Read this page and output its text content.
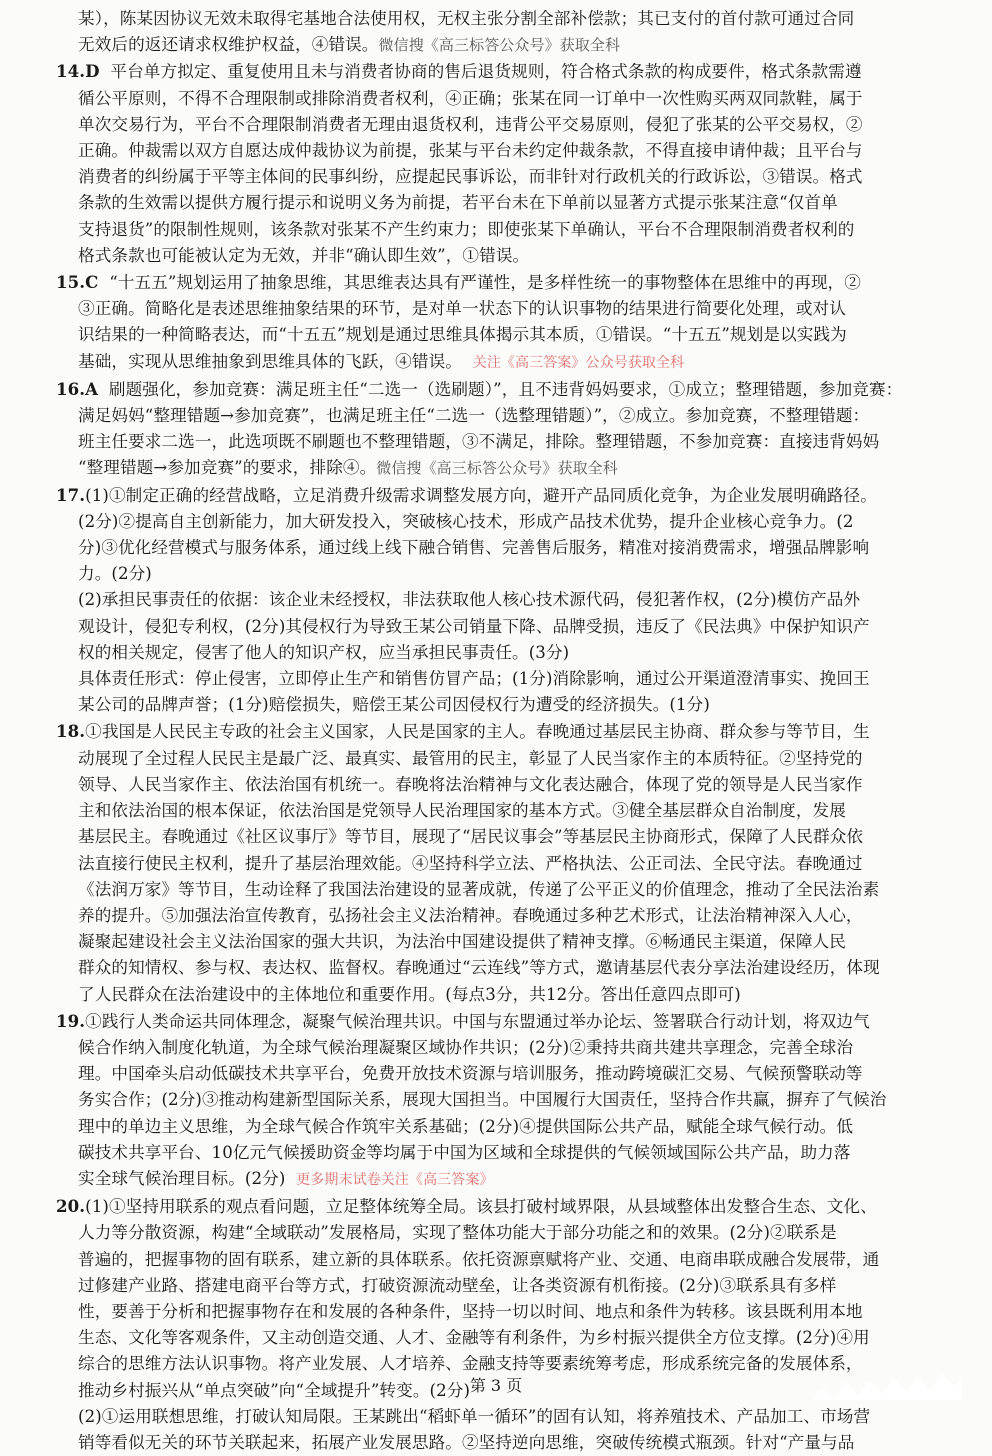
某），陈某因协议无效未取得宅基地合法使用权，无权主张分割全部补偿款；其已支付的首付款可通过合同
无效后的返还请求权维护权益，④错误。微信搜《高三标答公众号》获取全科
14.D 平台单方拟定、重复使用且未与消费者协商的售后退货规则，符合格式条款的构成要件，格式条款需遵
循公平原则，不得不合理限制或排除消费者权利，④正确；张某在同一订单中一次性购买两双同款鞋，属于
单次交易行为，平台不合理限制消费者无理由退货权利，违背公平交易原则，侵犯了张某的公平交易权，②
正确。仲裁需以双方自愿达成仲裁协议为前提，张某与平台未约定仲裁条款，不得直接申请仲裁；且平台与
消费者的纠纷属于平等主体间的民事纠纷，应提起民事诉讼，而非针对行政机关的行政诉讼，③错误。格式
条款的生效需以提供方履行提示和说明义务为前提，若平台未在下单前以显著方式提示张某注意“仅首单
支持退货”的限制性规则，该条款对张某不产生约束力；即使张某下单确认，平台不合理限制消费者权利的
格式条款也可能被认定为无效，并非“确认即生效”，①错误。
15.C “十五五”规划运用了抽象思维，其思维表达具有严谨性，是多样性统一的事物整体在思维中的再现，②
③正确。简略化是表述思维抽象结果的环节，是对单一状态下的认识事物的结果进行简要化处理，或对认
识结果的一种简略表达，而“十五五”规划是通过思维具体揭示其本质，①错误。“十五五”规划是以实践为
基础，实现从思维抽象到思维具体的飞跃，④错误。 关注《高三答案》公众号获取全科
16.A 刷题强化，参加竞赛：满足班主任“二选一（选刷题）”，且不违背妈妈要求，①成立；整理错题，参加竞赛：
满足妈妈“整理错题→参加竞赛”，也满足班主任“二选一（选整理错题）”，②成立。参加竞赛，不整理错题：
班主任要求二选一，此选项既不刷题也不整理错题，③不满足，排除。整理错题，不参加竞赛：直接违背妈妈
“整理错题→参加竞赛”的要求，排除④。微信搜《高三标答公众号》获取全科
17.(1)①制定正确的经营战略，立足消费升级需求调整发展方向，避开产品同质化竞争，为企业发展明确路径。
(2分)②提高自主创新能力，加大研发投入，突破核心技术，形成产品技术优势，提升企业核心竞争力。(2
分)③优化经营模式与服务体系，通过线上线下融合销售、完善售后服务，精准对接消费需求，增强品牌影响
力。(2分)
(2)承担民事责任的依据：该企业未经授权，非法获取他人核心技术源代码，侵犯著作权，(2分)模仿产品外
观设计，侵犯专利权，(2分)其侵权行为导致王某公司销量下降、品牌受损，违反了《民法典》中保护知识产
权的相关规定，侵害了他人的知识产权，应当承担民事责任。(3分)
具体责任形式：停止侵害，立即停止生产和销售仿冒产品；(1分)消除影响，通过公开渠道澄清事实、挽回王
某公司的品牌声誉；(1分)赔偿损失，赔偿王某公司因侵权行为遭受的经济损失。(1分)
18.①我国是人民民主专政的社会主义国家，人民是国家的主人。春晚通过基层民主协商、群众参与等节目，生
动展现了全过程人民民主是最广泛、最真实、最管用的民主，彰显了人民当家作主的本质特征。②坚持党的
领导、人民当家作主、依法治国有机统一。春晚将法治精神与文化表达融合，体现了党的领导是人民当家作
主和依法治国的根本保证，依法治国是党领导人民治理国家的基本方式。③健全基层群众自治制度，发展
基层民主。春晚通过《社区议事厅》等节目，展现了“居民议事会”等基层民主协商形式，保障了人民群众依
法直接行使民主权利，提升了基层治理效能。④坚持科学立法、严格执法、公正司法、全民守法。春晚通过
《法润万家》等节目，生动诠释了我国法治建设的显著成就，传递了公平正义的价值理念，推动了全民法治素
养的提升。⑤加强法治宣传教育，弘扬社会主义法治精神。春晚通过多种艺术形式，让法治精神深入人心，
凝聚起建设社会主义法治国家的强大共识，为法治中国建设提供了精神支撑。⑥畅通民主渠道，保障人民
群众的知情权、参与权、表达权、监督权。春晚通过“云连线”等方式，邀请基层代表分享法治建设经历，体现
了人民群众在法治建设中的主体地位和重要作用。(每点3分，共12分。答出任意四点即可)
19.①践行人类命运共同体理念，凝聚气候治理共识。中国与东盟通过举办论坛、签署联合行动计划，将双边气
候合作纳入制度化轨道，为全球气候治理凝聚区域协作共识；(2分)②秉持共商共建共享理念，完善全球治
理。中国牵头启动低碳技术共享平台，免费开放技术资源与培训服务，推动跨境碳汇交易、气候预警联动等
务实合作；(2分)③推动构建新型国际关系，展现大国担当。中国履行大国责任，坚持合作共赢，摒弃了气候治
理中的单边主义思维，为全球气候合作筑牢关系基础；(2分)④提供国际公共产品，赋能全球气候行动。低
碳技术共享平台、10亿元气候援助资金等均属于中国为区域和全球提供的气候领域国际公共产品，助力落
实全球气候治理目标。(2分) 更多期末试卷关注《高三答案》
20.(1)①坚持用联系的观点看问题，立足整体统筹全局。该县打破村域界限，从县域整体出发整合生态、文化、
人力等分散资源，构建“全域联动”发展格局，实现了整体功能大于部分功能之和的效果。(2分)②联系是
普遍的，把握事物的固有联系，建立新的具体联系。依托资源禀赋将产业、交通、电商串联成融合发展带，通
过修建产业路、搭建电商平台等方式，打破资源流动壁垒，让各类资源有机衔接。(2分)③联系具有多样
性，要善于分析和把握事物存在和发展的各种条件，坚持一切以时间、地点和条件为转移。该县既利用本地
生态、文化等客观条件，又主动创造交通、人才、金融等有利条件，为乡村振兴提供全方位支撑。(2分)④用
综合的思维方法认识事物。将产业发展、人才培养、金融支持等要素统筹考虑，形成系统完备的发展体系，
推动乡村振兴从“单点突破”向“全域提升”转变。(2分)
(2)①运用联想思维，打破认知局限。王某跳出“稻虾单一循环”的固有认知，将养殖技术、产品加工、市场营
销等看似无关的环节关联起来，拓展产业发展思路。②坚持逆向思维，突破传统模式瓶颈。针对“产量与品
第 3 页
